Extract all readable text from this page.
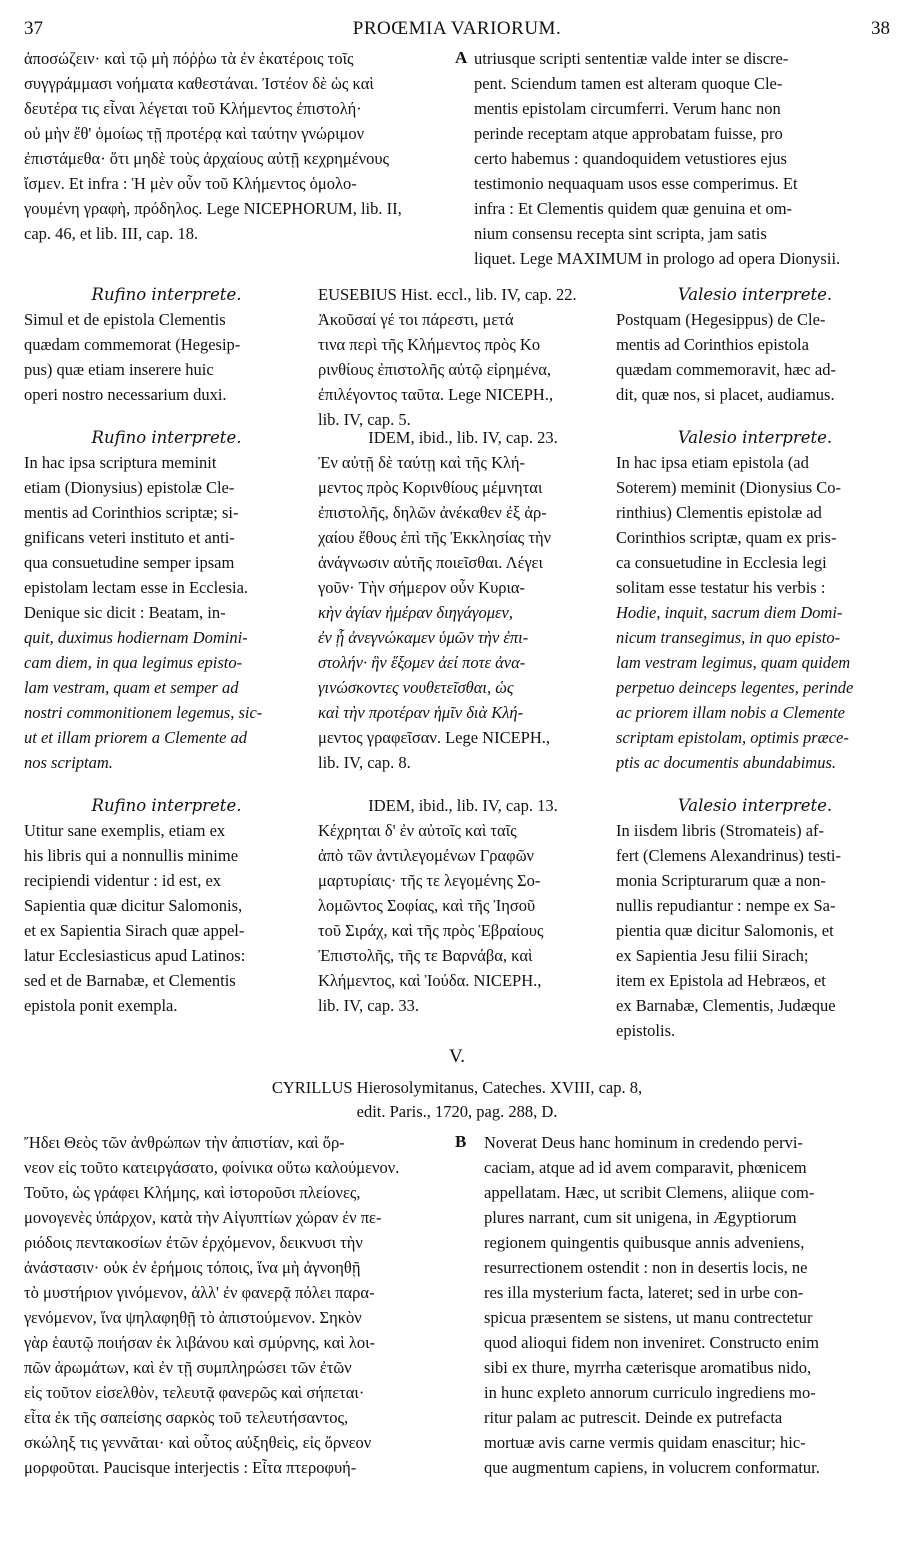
37	PROŒMIA VARIORUM.	38
ἀποσώζειν· καὶ τῷ μὴ πόῤῥω τὰ ἐν ἑκατέροις τοῖς
συγγράμμασι νοήματα καθεστάναι. Ἰστέον δὲ ὡς καὶ
δευτέρα τις εἶναι λέγεται τοῦ Κλήμεντος ἐπιστολή·
οὐ μὴν ἔθ' ὁμοίως τῇ προτέρᾳ καὶ ταύτην γνώριμον
ἐπιστάμεθα· ὅτι μηδὲ τοὺς ἀρχαίους αὐτῇ κεχρημένους
ἴσμεν. Et infra : Ἡ μὲν οὖν τοῦ Κλήμεντος ὁμολο-
γουμένη γραφὴ, πρόδηλος. Lege NICEPHORUM, lib. II,
cap. 46, et lib. III, cap. 18.
A utriusque scripti sententiæ valde inter se discre-
pent. Sciendum tamen est alteram quoque Cle-
mentis epistolam circumferri. Verum hanc non
perinde receptam atque approbatam fuisse, pro
certo habemus : quandoquidem vetustiores ejus
testimonio nequaquam usos esse comperimus. Et
infra : Et Clementis quidem quæ genuina et om-
nium consensu recepta sint scripta, jam satis
liquet. Lege MAXIMUM in prologo ad opera Dionysii.
Rufino interprete.
Simul et de epistola Clementis
quædam commemorat (Hegesip-
pus) quæ etiam inserere huic
operi nostro necessarium duxi.
EUSEBIUS Hist. eccl., lib. IV, cap. 22.
Ἀκοῦσαί γέ τοι πάρεστι, μετά
τινα περὶ τῆς Κλήμεντος πρὸς Κο
ρινθίους ἐπιστολῆς αὐτῷ εἰρημένα,
ἐπιλέγοντος ταῦτα. Lege NICEPH.,
lib. IV, cap. 5.
Valesio interprete.
Postquam (Hegesippus) de Cle-
mentis ad Corinthios epistola
quædam commemoravit, hæc ad-
dit, quæ nos, si placet, audiamus.
Rufino interprete.
In hac ipsa scriptura meminit
etiam (Dionysius) epistolæ Cle-
mentis ad Corinthios scriptæ; si-
gnificans veteri instituto et anti-
qua consuetudine semper ipsam
epistolam lectam esse in Ecclesia.
Denique sic dicit : Beatam, in-
quit, duximus hodiernam Domini-
cam diem, in qua legimus episto-
lam vestram, quam et semper ad
nostri commonitionem legemus, sic-
ut et illam priorem a Clemente ad
nos scriptam.
IDEM, ibid., lib. IV, cap. 23.
Ἐν αὐτῇ δὲ ταύτῃ καὶ τῆς Κλή-
μεντος πρὸς Κορινθίους μέμνηται
ἐπιστολῆς, δηλῶν ἀνέκαθεν ἐξ ἀρ-
χαίου ἔθους ἐπὶ τῆς Ἐκκλησίας τὴν
ἀνάγνωσιν αὐτῆς ποιεῖσθαι. Λέγει
γοῦν· Τὴν σήμερον οὖν Κυρια-
κὴν ἁγίαν ἡμέραν διηγάγομεν,
ἐν ᾗ ἀνεγνώκαμεν ὑμῶν τὴν ἐπι-
στολήν· ἣν ἕξομεν ἀεί ποτε ἀνα-
γινώσκοντες νουθετεῖσθαι, ὡς
καὶ τὴν προτέραν ἡμῖν διὰ Κλή-
μεντος γραφεῖσαν. Lege NICEPH.,
lib. IV, cap. 8.
Valesio interprete.
In hac ipsa etiam epistola (ad
Soterem) meminit (Dionysius Co-
rinthius) Clementis epistolæ ad
Corinthios scriptæ, quam ex pris-
ca consuetudine in Ecclesia legi
solitam esse testatur his verbis :
Hodie, inquit, sacrum diem Domi-
nicum transegimus, in quo episto-
lam vestram legimus, quam quidem
perpetuo deinceps legentes, perinde
ac priorem illam nobis a Clemente
scriptam epistolam, optimis præce-
ptis ac documentis abundabimus.
Rufino interprete.
Utitur sane exemplis, etiam ex
his libris qui a nonnullis minime
recipiendi videntur : id est, ex
Sapientia quæ dicitur Salomonis,
et ex Sapientia Sirach quæ appel-
latur Ecclesiasticus apud Latinos:
sed et de Barnabæ, et Clementis
epistola ponit exempla.
IDEM, ibid., lib. IV, cap. 13.
Κέχρηται δ' ἐν αὐτοῖς καὶ ταῖς
ἀπὸ τῶν ἀντιλεγομένων Γραφῶν
μαρτυρίαις· τῆς τε λεγομένης Σο-
λομῶντος Σοφίας, καὶ τῆς Ἰησοῦ
τοῦ Σιράχ, καὶ τῆς πρὸς Ἑβραίους
Ἐπιστολῆς, τῆς τε Βαρνάβα, καὶ
Κλήμεντος, καὶ Ἰούδα. NICEPH.,
lib. IV, cap. 33.
Valesio interprete.
In iisdem libris (Stromateis) af-
fert (Clemens Alexandrinus) testi-
monia Scripturarum quæ a non-
nullis repudiantur : nempe ex Sa-
pientia quæ dicitur Salomonis, et
ex Sapientia Jesu filii Sirach;
item ex Epistola ad Hebræos, et
ex Barnabæ, Clementis, Judæque
epistolis.
V.
CYRILLUS Hierosolymitanus, Cateches. XVIII, cap. 8,
edit. Paris., 1720, pag. 288, D.
Ἤδει Θεὸς τῶν ἀνθρώπων τὴν ἀπιστίαν, καὶ ὄρ-
νεον εἰς τοῦτο κατειργάσατο, φοίνικα οὕτω καλούμενον.
Τοῦτο, ὡς γράφει Κλήμης, καὶ ἱστοροῦσι πλείονες,
μονογενὲς ὑπάρχον, κατὰ τὴν Αἰγυπτίων χώραν ἐν πε-
ριόδοις πεντακοσίων ἐτῶν ἐρχόμενον, δεικνυσι τὴν
ἀνάστασιν· οὐκ ἐν ἐρήμοις τόποις, ἵνα μὴ ἀγνοηθῇ
τὸ μυστήριον γινόμενον, ἀλλ' ἐν φανερᾷ πόλει παρα-
γενόμενον, ἵνα ψηλαφηθῇ τὸ ἀπιστούμενον. Σηκὸν
γὰρ ἑαυτῷ ποιήσαν ἐκ λιβάνου καὶ σμύρνης, καὶ λοι-
πῶν ἀρωμάτων, καὶ ἐν τῇ συμπληρώσει τῶν ἐτῶν
εἰς τοῦτον εἰσελθὸν, τελευτᾷ φανερῶς καὶ σήπεται·
εἶτα ἐκ τῆς σαπείσης σαρκὸς τοῦ τελευτήσαντος,
σκώληξ τις γεννᾶται· καὶ οὗτος αὐξηθεὶς, εἰς ὄρνεον
μορφοῦται. Paucisque interjectis : Εἶτα πτεροφυή-
B Noverat Deus hanc hominum in credendo pervi-
caciam, atque ad id avem comparavit, phœnicem
appellatam. Hæc, ut scribit Clemens, aliique com-
plures narrant, cum sit unigena, in Ægyptiorum
regionem quingentis quibusque annis adveniens,
resurrectionem ostendit : non in desertis locis, ne
res illa mysterium facta, lateret; sed in urbe con-
spicua præsentem se sistens, ut manu contrectetur
quod alioqui fidem non inveniret. Constructo enim
sibi ex thure, myrrha cæterisque aromatibus nido,
in hunc expleto annorum curriculo ingrediens mo-
ritur palam ac putrescit. Deinde ex putrefacta
mortuæ avis carne vermis quidam enascitur; hic-
que augmentum capiens, in volucrem conformatur.
